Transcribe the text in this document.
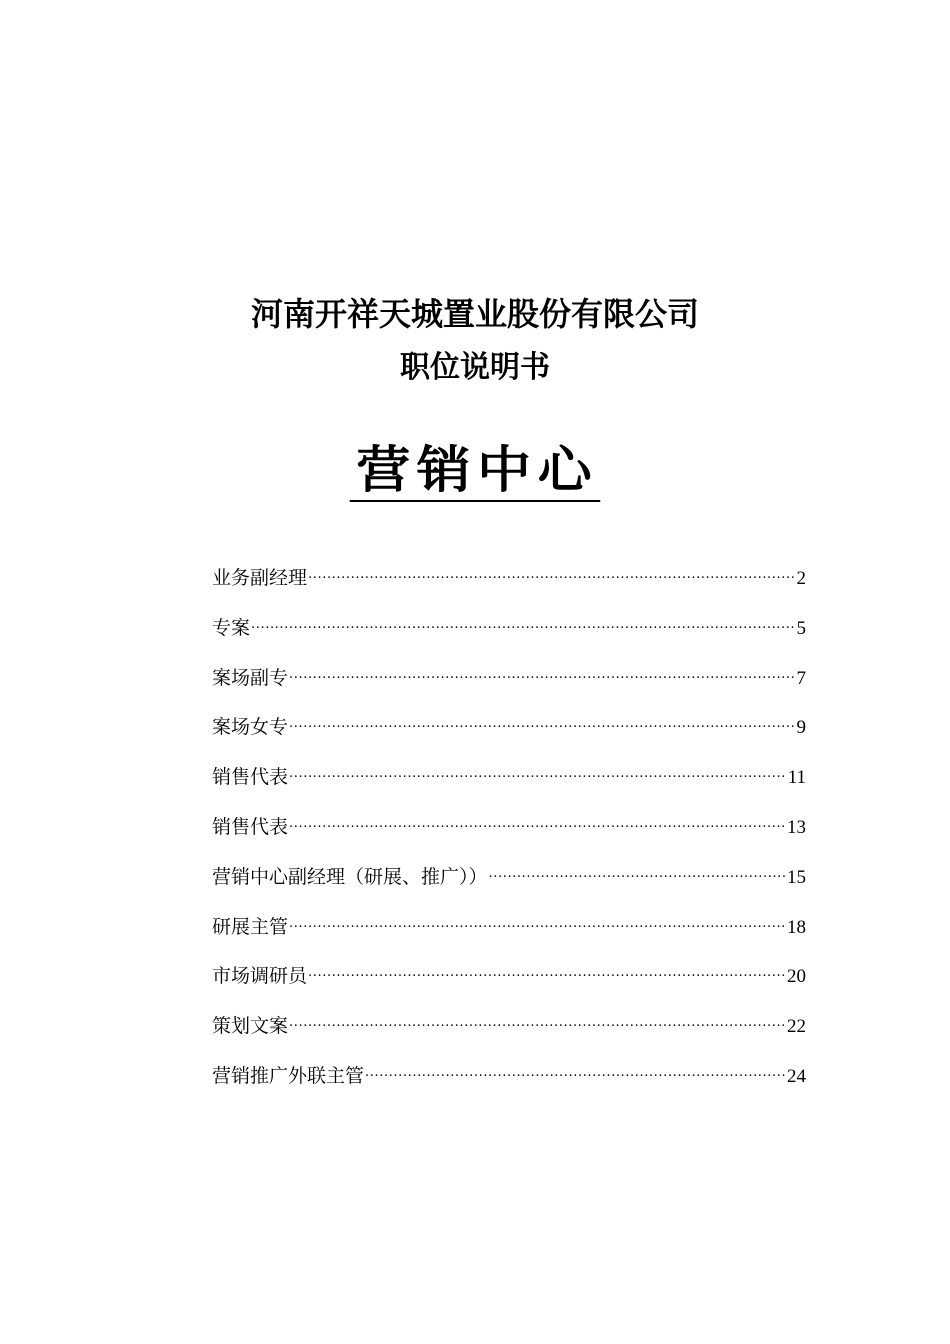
河南开祥天城置业股份有限公司
职位说明书
营销中心
业务副经理 .....	2
专案 .....	5
案场副专 .....	7
案场女专 .....	9
销售代表 .....	11
销售代表 .....	13
营销中心副经理（研展、推广）） .....	15
研展主管 .....	18
市场调研员 .....	20
策划文案 .....	22
营销推广外联主管 .....	24
